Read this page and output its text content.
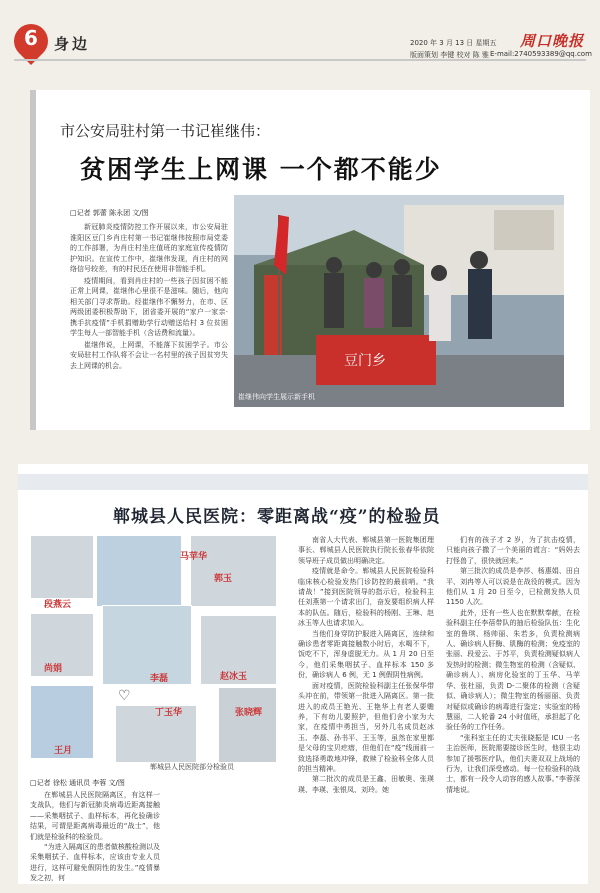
6	身边	2020 年 3 月 13 日 星期五
版面策划 李键 校对 陈 雅 E-mail:2740593389@qq.com
周口晚报
市公安局驻村第一书记崔继伟：
贫困学生上网课 一个都不能少
□记者 郭蕾 陈永团 文/图

新冠肺炎疫情防控工作开展以来，市公安局驻淮阳区豆门乡肖庄村第一书记崔继伟按照市局党委的工作部署，为肖庄村坐庄值班的家庭宣传疫情防护知识。在宣传工作中，崔继伟发现，肖庄村的网络信号较差，有的村民还在使用非智能手机。

疫情期间，看到肖庄村的一些孩子因贫困不能正常上网课，崔继伟心里很不是滋味。随后，他向相关部门寻求帮助。经崔继伟不懈努力，在市、区两级团委积极帮助下，团省委开展的“家户一家亲·携手抗疫情”手机捐赠助学行动赠送给村 3 位贫困学生每人一部智能手机（含话费和流量）。

崔继伟说，上网课，不能落下贫困学子。市公安局驻村工作队将不会让一名村里的孩子因贫穷失去上网课的机会。	豆门乡
崔继伟向学生展示新手机
郸城县人民医院：零距离战“疫”的检验员
段燕云
马苹华
郭玉
尚娟
李磊
王月
丁玉华
赵冰玉
张晓辉
♡
郸城县人民医院部分检验员
□记者 徐松 通讯员 李蓉 文/图

在郸城县人民医院隔离区，有这样一支战队，他们与新冠肺炎病毒近距离接触——采集咽拭子、血样标本，再化验确诊结果，可谓是距离病毒最近的“战士”，他们就是检验科的检验员。

“为进入隔离区的患者做核酸检测以及采集咽拭子、血样标本，应该由专业人员进行，这样可避免假阴性的发生。”疫情暴发之初，何

南省人大代表、郸城县第一医院集团理事长、郸城县人民医院执行院长张春华依院领导班子成员做出明确决定。

疫情就是命令。郸城县人民医院检验科临床核心检验发热门诊防控的最前哨。“我请战！”接到医院领导的指示后，检验科主任刘燕第一个请求出门，奋发要组织病人样本的队伍。随后，检验科的杨刚、王琳、赵冰玉等人也请求加入。

当他们身穿防护服进入隔离区，连续和确诊患者零距离接触数小时后，水喝不下，饭吃不下，浑身虚脱无力。从 1 月 20 日至今，他们采集咽拭子、血样标本 150 多份，确诊病人 6 例，无 1 例假阴性病例。

面对疫情，医院检验科副主任张保华带头冲在前，带领第一批进入隔离区。第一批进入的成员王艳光、王艳华上有老人要赡养，下有幼儿要照护，但他们舍小家为大家，在疫情中勇担当，另外几名成员赵冰玉、李磊、孙书平、王玉等，虽然在家里都是父母的宝贝疙瘩，但他们在“疫”线面前一致选择勇敢地冲锋，救赎了检验科全体人员的担当精神。

第二批次的成员是王鑫、田敏奥、张瑛瑛、李瑛、张银凤、刘玲。她

们有的孩子才 2 岁，为了抗击疫情，只能向孩子撒了一个美丽的谎言：“妈妈去打怪兽了，很快就回来。”

第三批次的成员是李莎、杨惠娟、田自平、刘冉等人可以说是在战役的模式。因为他们从 1 月 20 日至今，已检测发热人员 1150 人次。

此外，还有一些人也在默默奉献，在检验科副主任李蓓带队的抽后检验队伍：生化室的鲁琪、杨帅丽、朱若多，负责检测病人、确诊病人肝酶、肌酶的检测；免疫室的张丽、段爱云、于苏平，负责检测疑似病人发热时的检测；微生物室的检测（含疑似、确诊病人）、病房化验室的丁玉华、马苹华、张杜丽，负责 D-二聚体的检测（含疑似、确诊病人）；微生物室的杨丽丽、负责对疑似或确诊的病毒进行鉴定；实验室的杨慧丽，二人轮番 24 小时值班，承担起了化验任务的工作任务。

“张科室主任的丈夫张晓振是 ICU 一名主治医师，医院需要接诊医生时，他很主动参加了援鄂医疗队，他们夫妻双双上战场的行为，让我们深受感动。每一位检验科的战士，都有一段令人动容的感人故事。”李蓉深情地说。
